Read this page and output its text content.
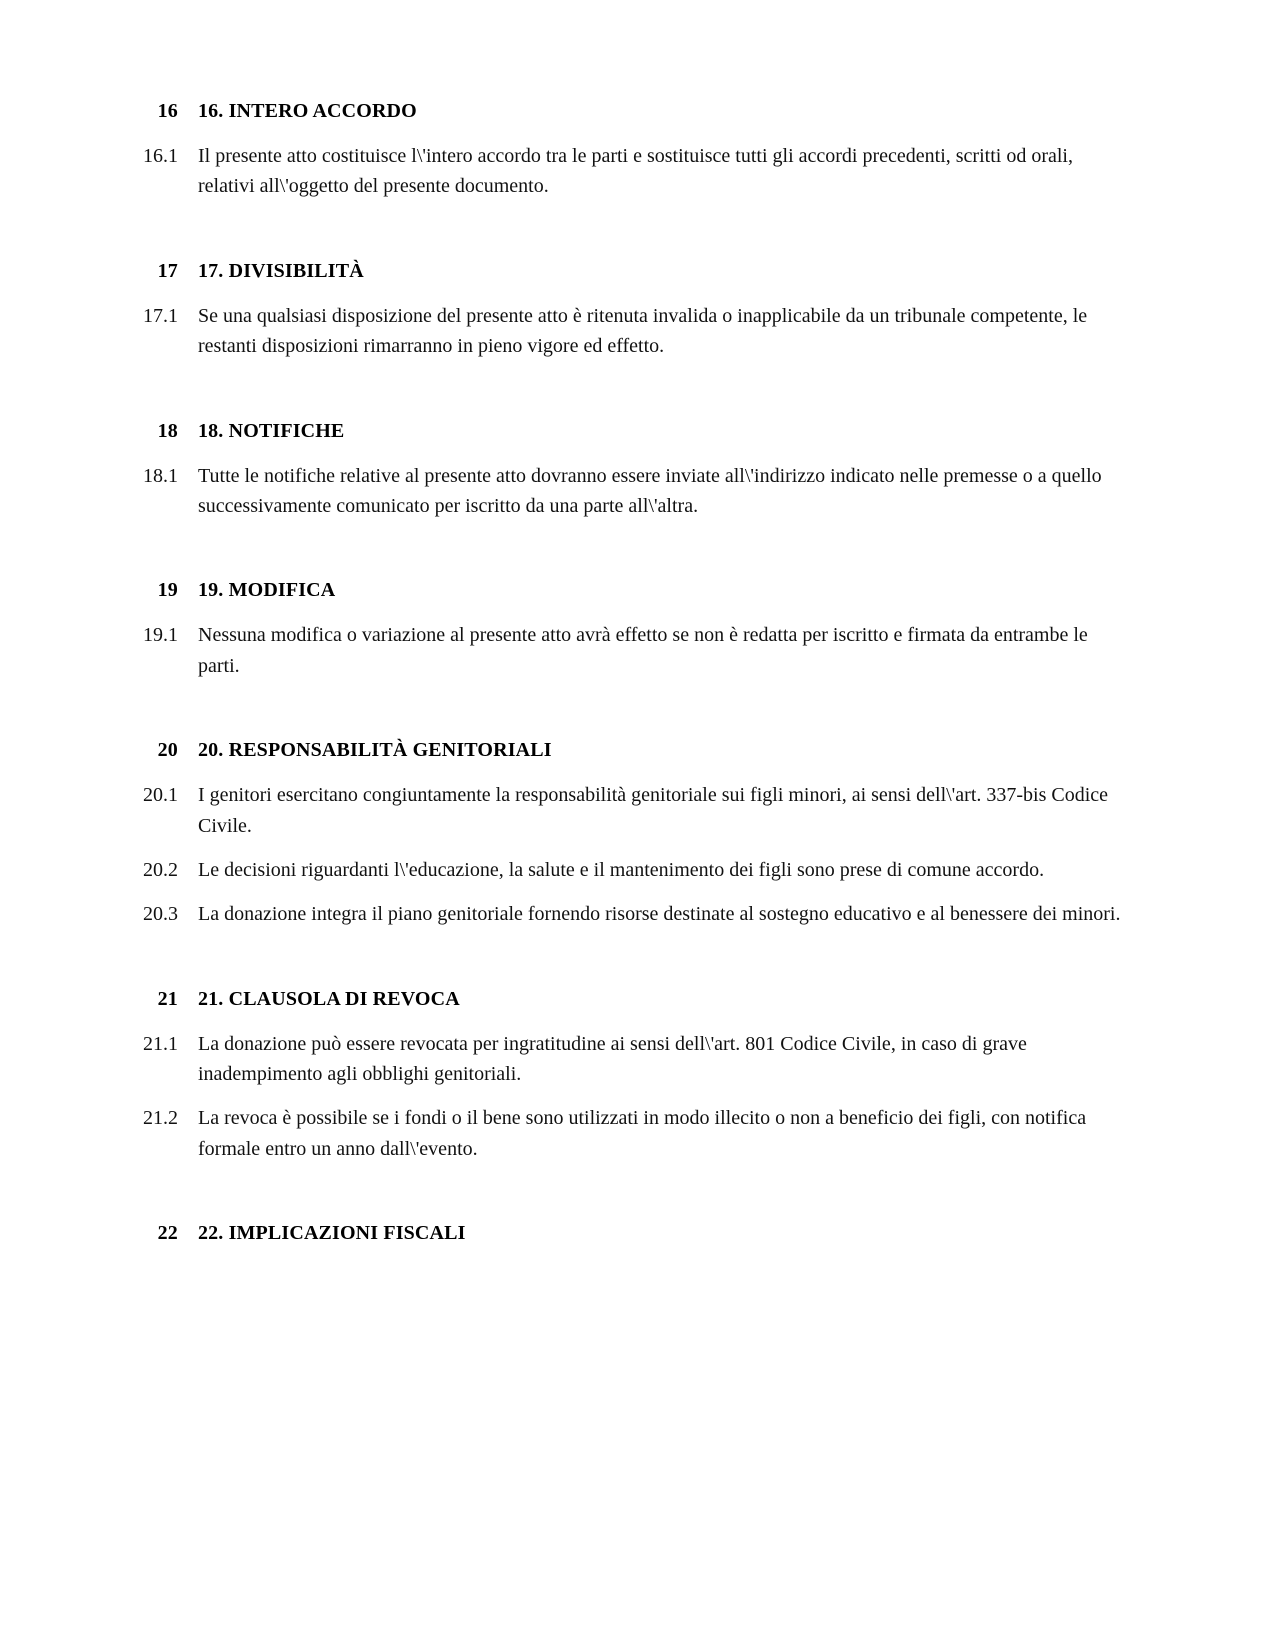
16 16. INTERO ACCORDO
16.1 Il presente atto costituisce l\'intero accordo tra le parti e sostituisce tutti gli accordi precedenti, scritti od orali, relativi all\'oggetto del presente documento.
17 17. DIVISIBILITÀ
17.1 Se una qualsiasi disposizione del presente atto è ritenuta invalida o inapplicabile da un tribunale competente, le restanti disposizioni rimarranno in pieno vigore ed effetto.
18 18. NOTIFICHE
18.1 Tutte le notifiche relative al presente atto dovranno essere inviate all\'indirizzo indicato nelle premesse o a quello successivamente comunicato per iscritto da una parte all\'altra.
19 19. MODIFICA
19.1 Nessuna modifica o variazione al presente atto avrà effetto se non è redatta per iscritto e firmata da entrambe le parti.
20 20. RESPONSABILITÀ GENITORIALI
20.1 I genitori esercitano congiuntamente la responsabilità genitoriale sui figli minori, ai sensi dell\'art. 337-bis Codice Civile.
20.2 Le decisioni riguardanti l\'educazione, la salute e il mantenimento dei figli sono prese di comune accordo.
20.3 La donazione integra il piano genitoriale fornendo risorse destinate al sostegno educativo e al benessere dei minori.
21 21. CLAUSOLA DI REVOCA
21.1 La donazione può essere revocata per ingratitudine ai sensi dell\'art. 801 Codice Civile, in caso di grave inadempimento agli obblighi genitoriali.
21.2 La revoca è possibile se i fondi o il bene sono utilizzati in modo illecito o non a beneficio dei figli, con notifica formale entro un anno dall\'evento.
22 22. IMPLICAZIONI FISCALI
